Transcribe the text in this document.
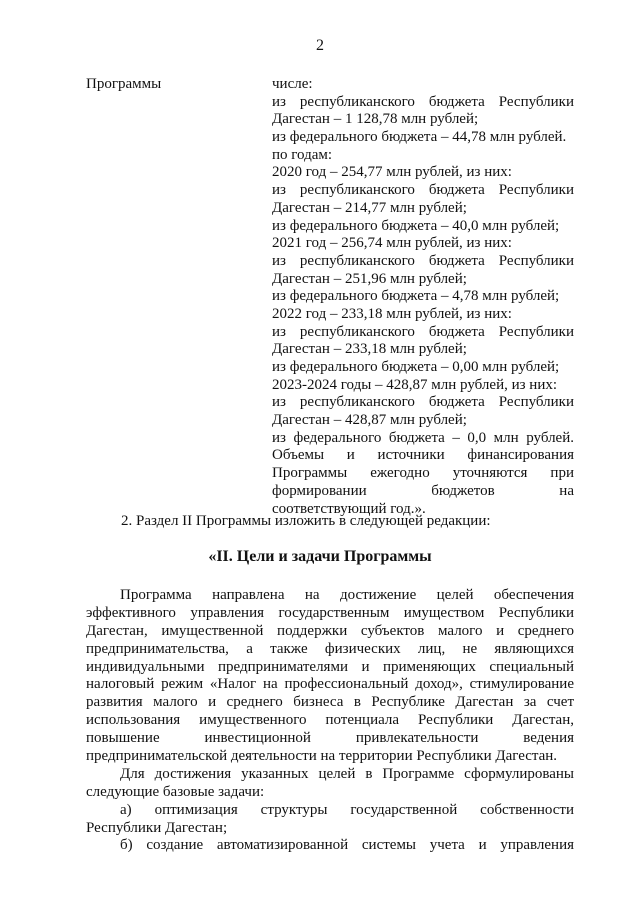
2
Программы	числе:
из республиканского бюджета Республики
Дагестан – 1 128,78 млн рублей;
из федерального бюджета – 44,78 млн рублей.
по годам:
2020 год – 254,77 млн рублей, из них:
из республиканского бюджета Республики
Дагестан – 214,77 млн рублей;
из федерального бюджета – 40,0 млн рублей;
2021 год – 256,74 млн рублей, из них:
из республиканского бюджета Республики
Дагестан – 251,96 млн рублей;
из федерального бюджета – 4,78 млн рублей;
2022 год – 233,18 млн рублей, из них:
из республиканского бюджета Республики
Дагестан – 233,18 млн рублей;
из федерального бюджета – 0,00 млн рублей;
2023-2024 годы – 428,87 млн рублей, из них:
из республиканского бюджета Республики
Дагестан – 428,87 млн рублей;
из федерального бюджета – 0,0 млн рублей.
Объемы и источники финансирования
Программы ежегодно уточняются при
формировании бюджетов на
соответствующий год.».
2. Раздел II Программы изложить в следующей редакции:
«II. Цели и задачи Программы
Программа направлена на достижение целей обеспечения
эффективного управления государственным имуществом Республики
Дагестан, имущественной поддержки субъектов малого и среднего
предпринимательства, а также физических лиц, не являющихся
индивидуальными предпринимателями и применяющих специальный
налоговый режим «Налог на профессиональный доход», стимулирование
развития малого и среднего бизнеса в Республике Дагестан за счет
использования имущественного потенциала Республики Дагестан,
повышение инвестиционной привлекательности ведения
предпринимательской деятельности на территории Республики Дагестан.
Для достижения указанных целей в Программе сформулированы
следующие базовые задачи:
а) оптимизация структуры государственной собственности
Республики Дагестан;
б) создание автоматизированной системы учета и управления
